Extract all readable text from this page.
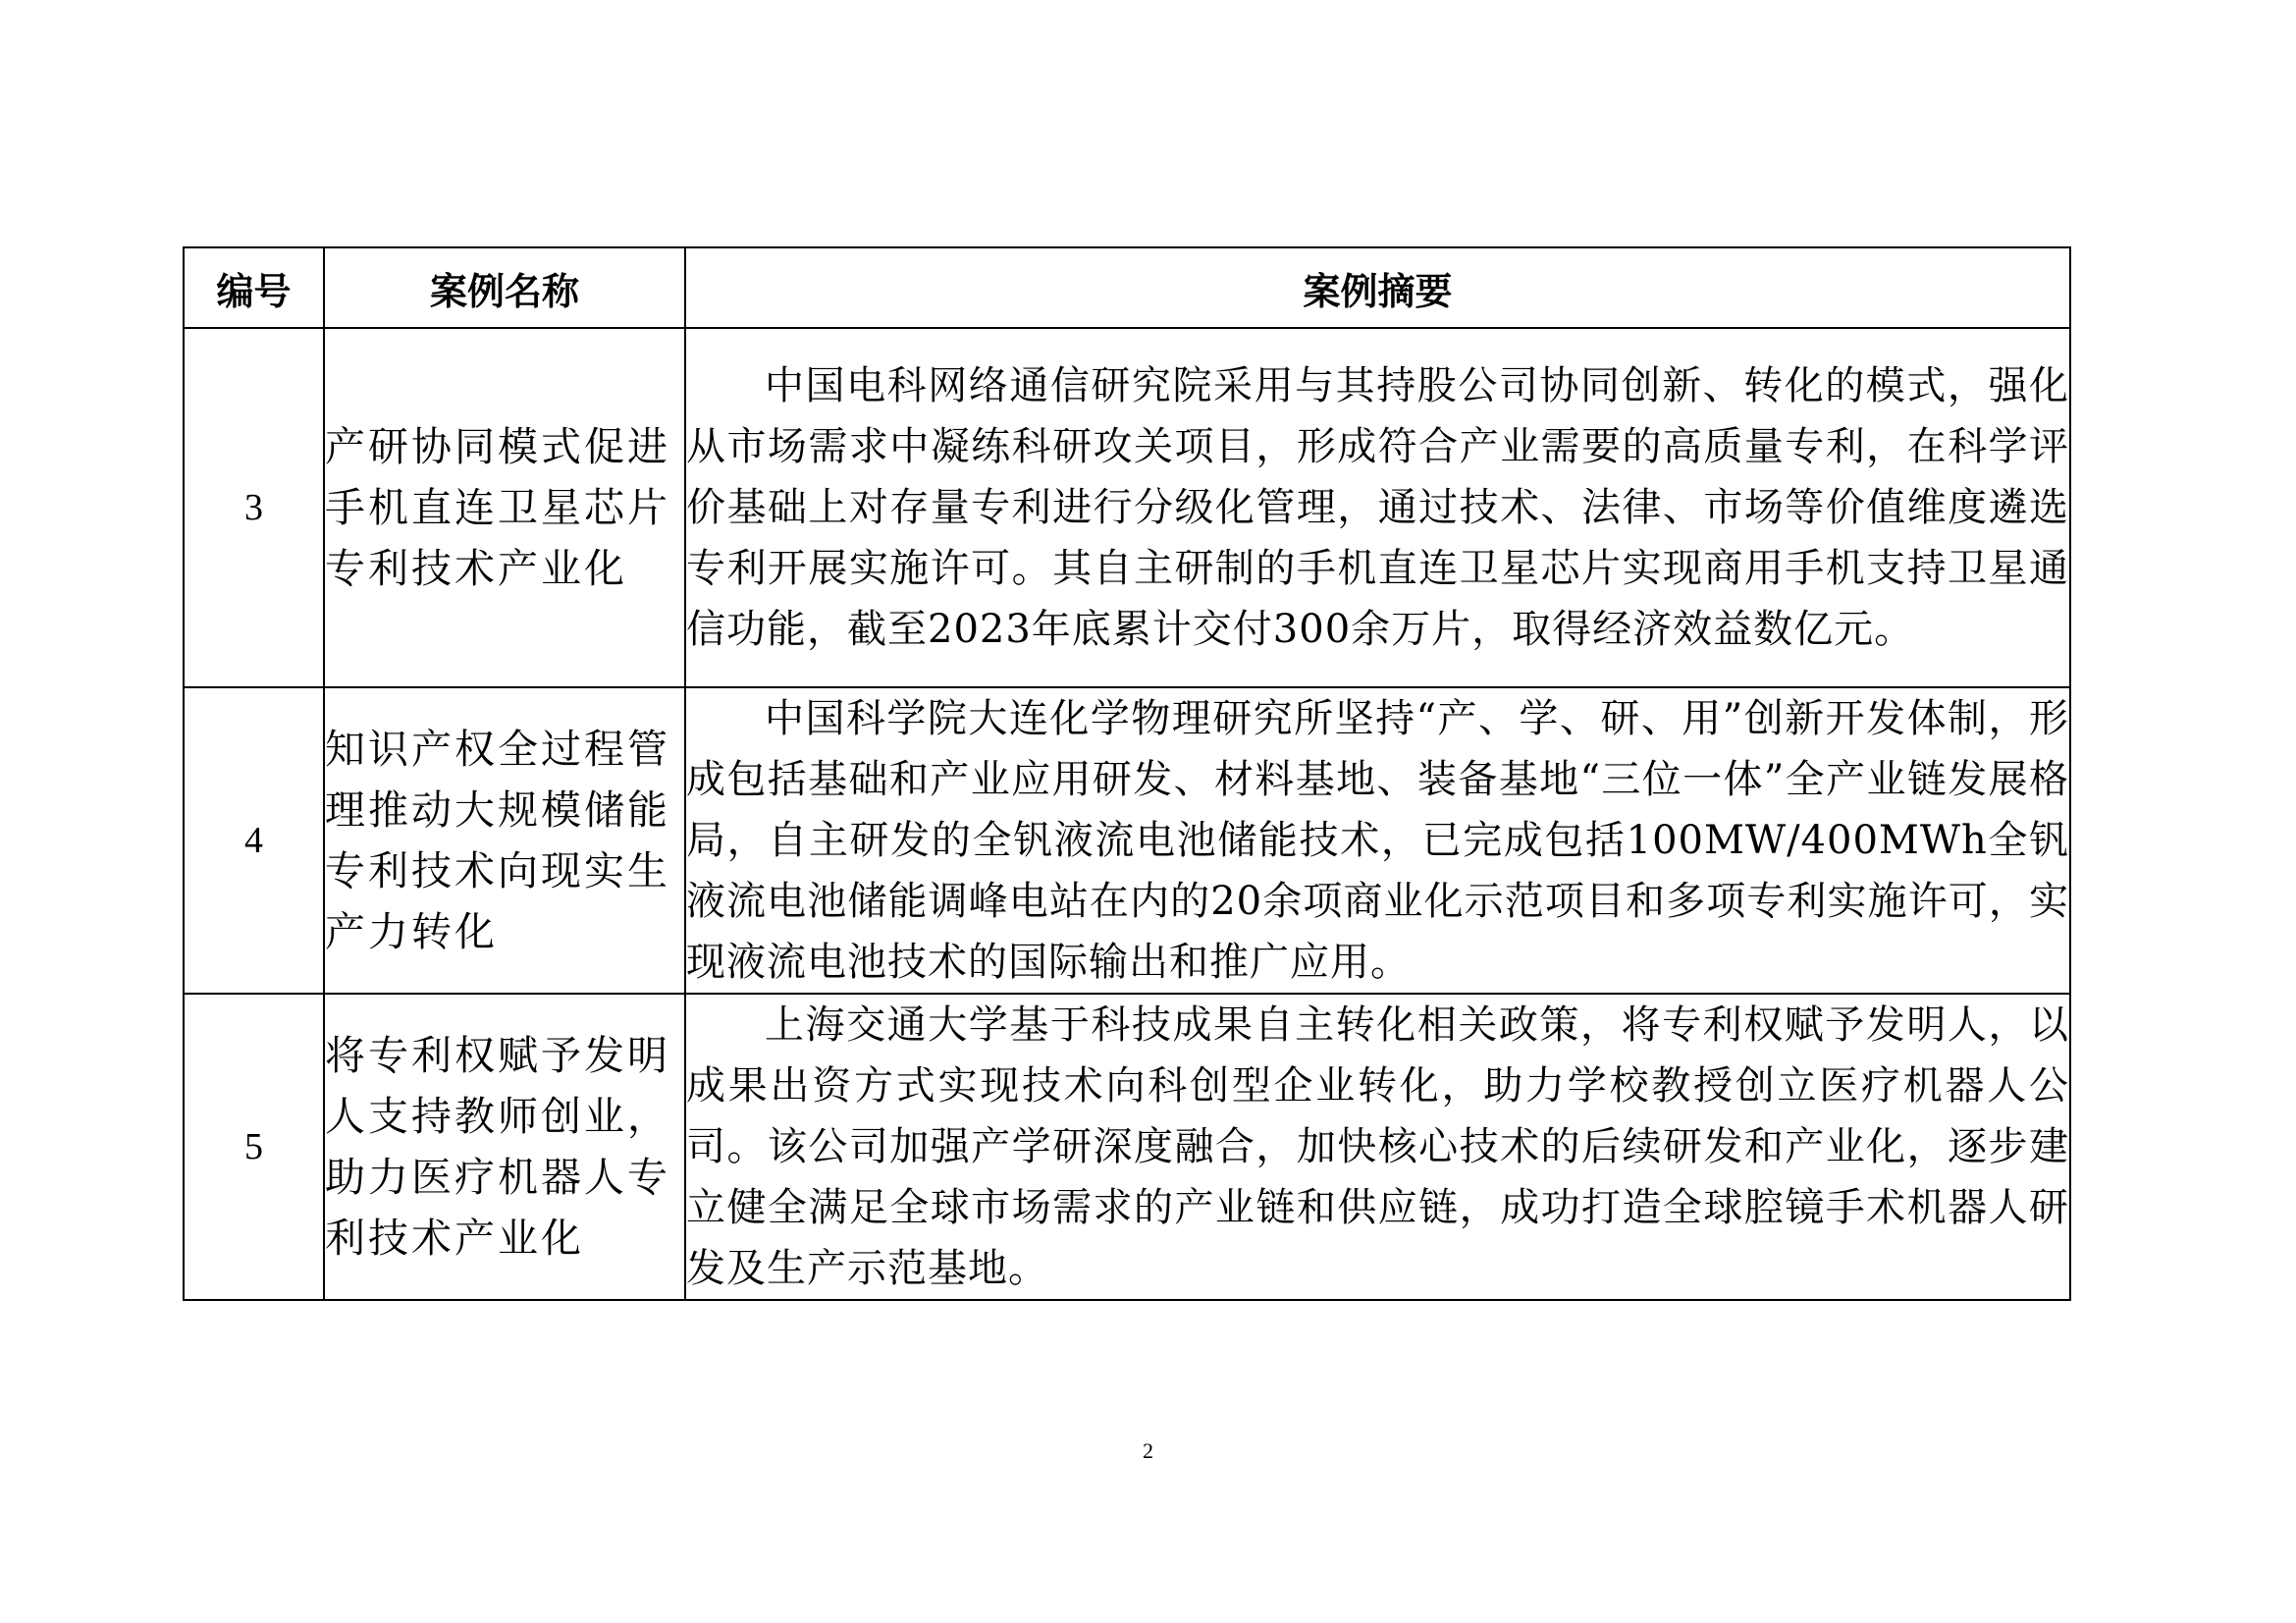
编号	案例名称	案例摘要
3	产研协同模式促进手机直连卫星芯片专利技术产业化	中国电科网络通信研究院采用与其持股公司协同创新、转化的模式，强化从市场需求中凝练科研攻关项目，形成符合产业需要的高质量专利，在科学评价基础上对存量专利进行分级化管理，通过技术、法律、市场等价值维度遴选专利开展实施许可。其自主研制的手机直连卫星芯片实现商用手机支持卫星通信功能，截至2023年底累计交付300余万片，取得经济效益数亿元。
4	知识产权全过程管理推动大规模储能专利技术向现实生产力转化	中国科学院大连化学物理研究所坚持“产、学、研、用”创新开发体制，形成包括基础和产业应用研发、材料基地、装备基地“三位一体”全产业链发展格局，自主研发的全钒液流电池储能技术，已完成包括100MW/400MWh全钒液流电池储能调峰电站在内的20余项商业化示范项目和多项专利实施许可，实现液流电池技术的国际输出和推广应用。
5	将专利权赋予发明人支持教师创业，助力医疗机器人专利技术产业化	上海交通大学基于科技成果自主转化相关政策，将专利权赋予发明人，以成果出资方式实现技术向科创型企业转化，助力学校教授创立医疗机器人公司。该公司加强产学研深度融合，加快核心技术的后续研发和产业化，逐步建立健全满足全球市场需求的产业链和供应链，成功打造全球腔镜手术机器人研发及生产示范基地。
2
